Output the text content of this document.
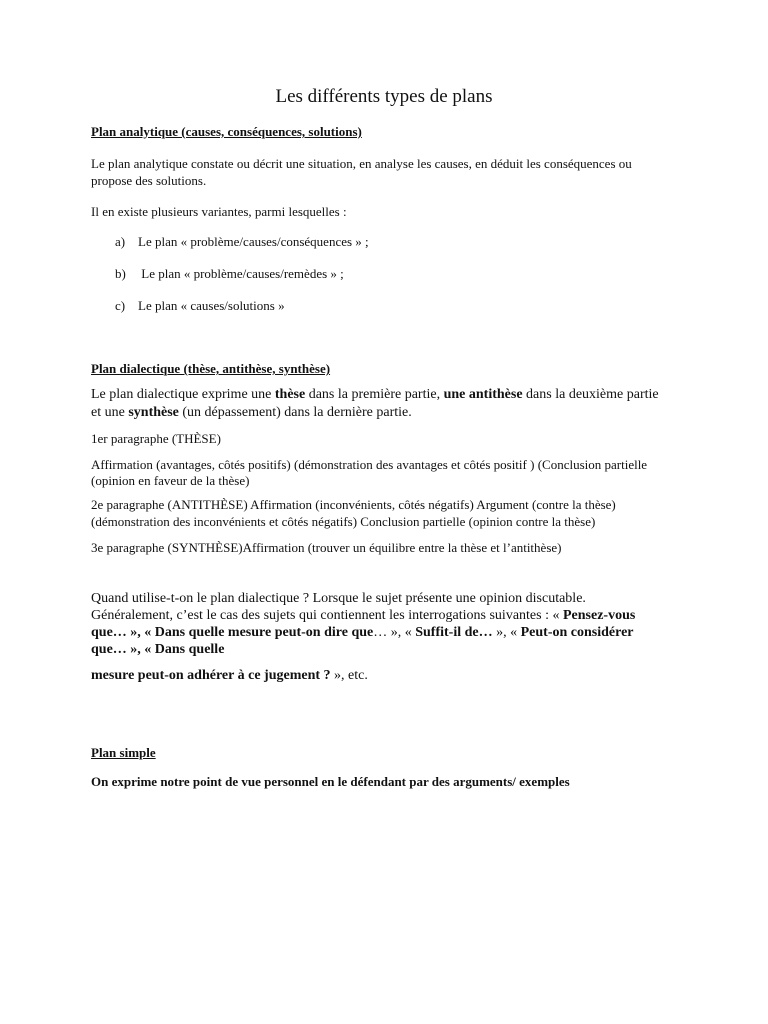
Les différents types de plans
Plan analytique (causes, conséquences, solutions)
Le plan analytique constate ou décrit une situation, en analyse les causes, en déduit les conséquences ou
propose des solutions.
Il en existe plusieurs variantes, parmi lesquelles :
a) Le plan « problème/causes/conséquences » ;
b) Le plan « problème/causes/remèdes » ;
c) Le plan « causes/solutions »
Plan dialectique (thèse, antithèse, synthèse)
Le plan dialectique exprime une thèse dans la première partie, une antithèse dans la deuxième partie
et une synthèse (un dépassement) dans la dernière partie.
1er paragraphe (THÈSE)
Affirmation (avantages, côtés positifs) (démonstration des avantages et côtés positif ) (Conclusion partielle
(opinion en faveur de la thèse)
2e paragraphe (ANTITHÈSE) Affirmation (inconvénients, côtés négatifs) Argument (contre la thèse)
(démonstration des inconvénients et côtés négatifs) Conclusion partielle (opinion contre la thèse)
3e paragraphe (SYNTHÈSE)Affirmation (trouver un équilibre entre la thèse et l’antithèse)
Quand utilise-t-on le plan dialectique ? Lorsque le sujet présente une opinion discutable.
Généralement, c’est le cas des sujets qui contiennent les interrogations suivantes : « Pensez-vous
que… », « Dans quelle mesure peut-on dire que… », « Suffit-il de… », « Peut-on considérer
que… », « Dans quelle
mesure peut-on adhérer à ce jugement ? », etc.
Plan simple
On exprime notre point de vue personnel en le défendant par des arguments/ exemples
